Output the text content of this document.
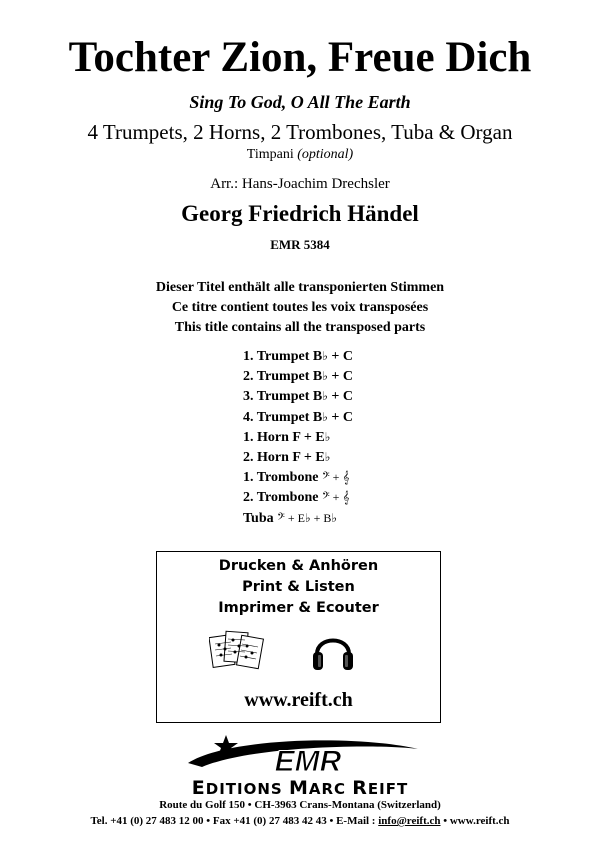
Tochter Zion, Freue Dich
Sing To God, O All The Earth
4 Trumpets, 2 Horns, 2 Trombones, Tuba & Organ
Timpani (optional)
Arr.: Hans-Joachim Drechsler
Georg Friedrich Händel
EMR 5384
Dieser Titel enthält alle transponierten Stimmen
Ce titre contient toutes les voix transposées
This title contains all the transposed parts
1. Trumpet B♭ + C
2. Trumpet B♭ + C
3. Trumpet B♭ + C
4. Trumpet B♭ + C
1. Horn F + E♭
2. Horn F + E♭
1. Trombone 𝄢 + 𝄞
2. Trombone 𝄢 + 𝄞
Tuba 𝄢 + E♭ + B♭
Drucken & Anhören
Print & Listen
Imprimer & Ecouter
www.reift.ch
EMR
EDITIONS MARC REIFT
Route du Golf 150 • CH-3963 Crans-Montana (Switzerland)
Tel. +41 (0) 27 483 12 00 • Fax +41 (0) 27 483 42 43 • E-Mail : info@reift.ch • www.reift.ch
